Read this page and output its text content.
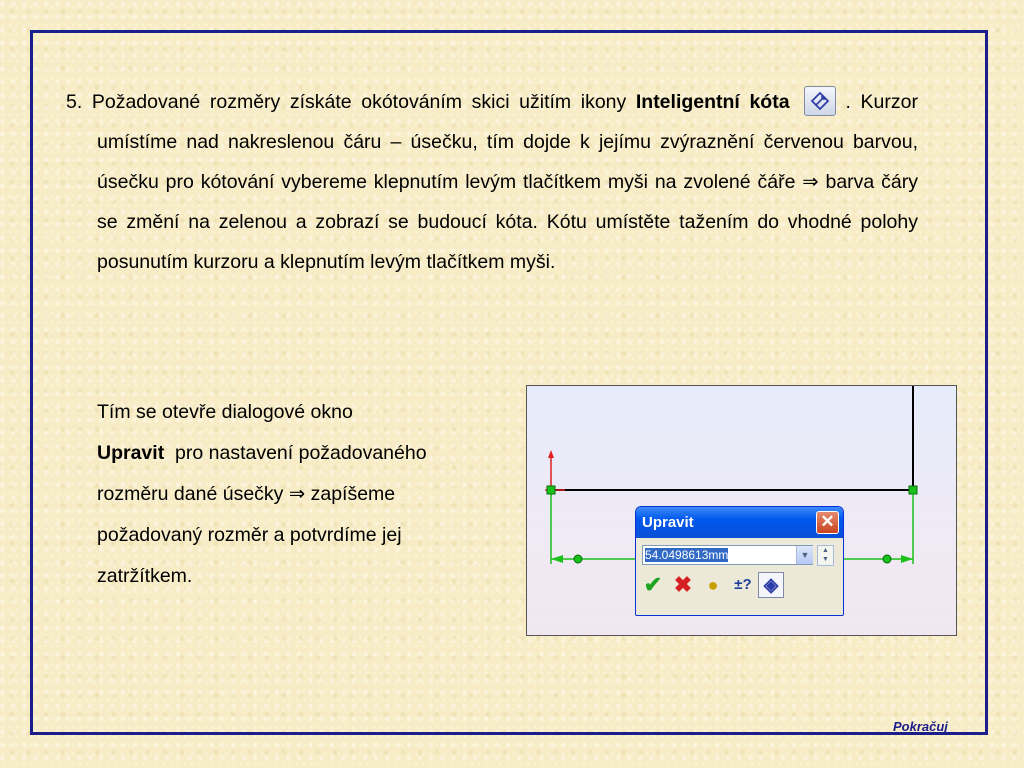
5. Požadované rozměry získáte okótováním skici užitím ikony Inteligentní kóta	. Kurzor umístíme nad nakreslenou čáru – úsečku, tím dojde k jejímu zvýraznění červenou barvou, úsečku pro kótování vybereme klepnutím levým tlačítkem myši na zvolené čáře ⇒ barva čáry se změní na zelenou a zobrazí se budoucí kóta. Kótu umístěte tažením do vhodné polohy posunutím kurzoru a klepnutím levým tlačítkem myši.
Tím se otevře dialogové okno
Upravit pro nastavení požadovaného rozměru dané úsečky ⇒ zapíšeme požadovaný rozměr a potvrdíme jej zatržítkem.
Upravit	✕
54.0498613mm	▼	▲
▼
✔ ✖ ●	±? ◈
Pokračuj
